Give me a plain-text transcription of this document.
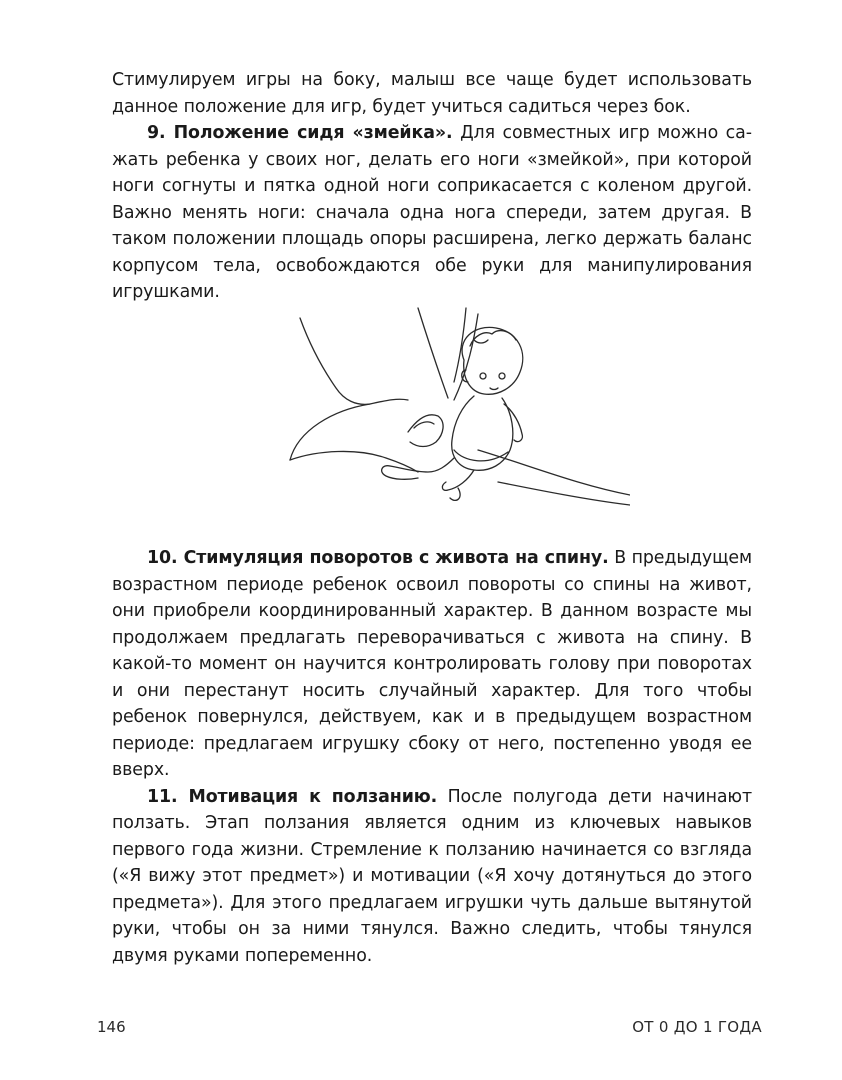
Стимулируем игры на боку, малыш все чаще будет использовать данное положение для игр, будет учиться садиться через бок.

9. Положение сидя «змейка». Для совместных игр можно сажать ребенка у своих ног, делать его ноги «змейкой», при которой ноги согнуты и пятка одной ноги соприкасается с коленом другой. Важно менять ноги: сначала одна нога спереди, затем другая. В таком положении площадь опоры расширена, легко держать баланс корпусом тела, освобождаются обе руки для манипулирования игрушками.

10. Стимуляция поворотов с живота на спину. В предыдущем возрастном периоде ребенок освоил повороты со спины на живот, они приобрели координированный характер. В данном возрасте мы продолжаем предлагать переворачиваться с живота на спину. В какой-то момент он научится контролировать голову при поворотах и они перестанут носить случайный характер. Для того чтобы ребенок повернулся, действуем, как и в предыдущем возрастном периоде: предлагаем игрушку сбоку от него, постепенно уводя ее вверх.

11. Мотивация к ползанию. После полугода дети начинают ползать. Этап ползания является одним из ключевых навыков первого года жизни. Стремление к ползанию начинается со взгляда («Я вижу этот предмет») и мотивации («Я хочу дотянуться до этого предмета»). Для этого предлагаем игрушки чуть дальше вытянутой руки, чтобы он за ними тянулся. Важно следить, чтобы тянулся двумя руками попеременно.

146	ОТ 0 ДО 1 ГОДА
